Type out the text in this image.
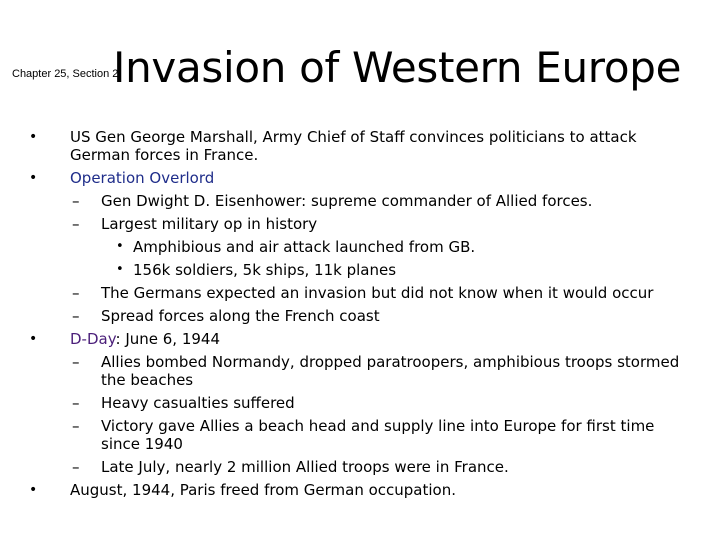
Chapter 25, Section 2
Invasion of Western Europe
• US Gen George Marshall, Army Chief of Staff convinces politicians to attack German forces in France.
• Operation Overlord
– Gen Dwight D. Eisenhower: supreme commander of Allied forces.
– Largest military op in history
• Amphibious and air attack launched from GB.
• 156k soldiers, 5k ships, 11k planes
– The Germans expected an invasion but did not know when it would occur
– Spread forces along the French coast
• D-Day: June 6, 1944
– Allies bombed Normandy, dropped paratroopers, amphibious troops stormed the beaches
– Heavy casualties suffered
– Victory gave Allies a beach head and supply line into Europe for first time since 1940
– Late July, nearly 2 million Allied troops were in France.
• August, 1944, Paris freed from German occupation.
